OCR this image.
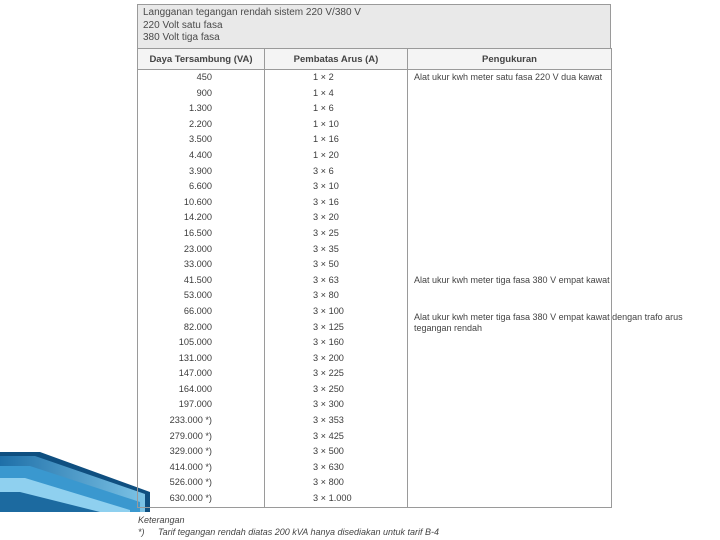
Langganan tegangan rendah sistem 220 V/380 V
220 Volt satu fasa
380 Volt tiga fasa
Daya Tersambung (VA)	Pembatas Arus (A)	Pengukuran
450	1 × 2	Alat ukur kwh meter satu fasa 220 V dua kawat

900	1 × 4	
1.300	1 × 6	
2.200	1 × 10	
3.500	1 × 16	
4.400	1 × 20	
3.900	3 × 6	
6.600	3 × 10	
10.600	3 × 16	
14.200	3 × 20	
16.500	3 × 25	
23.000	3 × 35	
33.000	3 × 50	
41.500	3 × 63	Alat ukur kwh meter tiga fasa 380 V empat kawat

53.000	3 × 80	
66.000	3 × 100	Alat ukur kwh meter tiga fasa 380 V empat kawat dengan trafo arus tegangan rendah

82.000	3 × 125	
105.000	3 × 160	
131.000	3 × 200	
147.000	3 × 225	
164.000	3 × 250	
197.000	3 × 300	
233.000 *)	3 × 353	
279.000 *)	3 × 425	
329.000 *)	3 × 500	
414.000 *)	3 × 630	
526.000 *)	3 × 800	
630.000 *)	3 × 1.000	
Keterangan
*) Tarif tegangan rendah diatas 200 kVA hanya disediakan untuk tarif B-4
